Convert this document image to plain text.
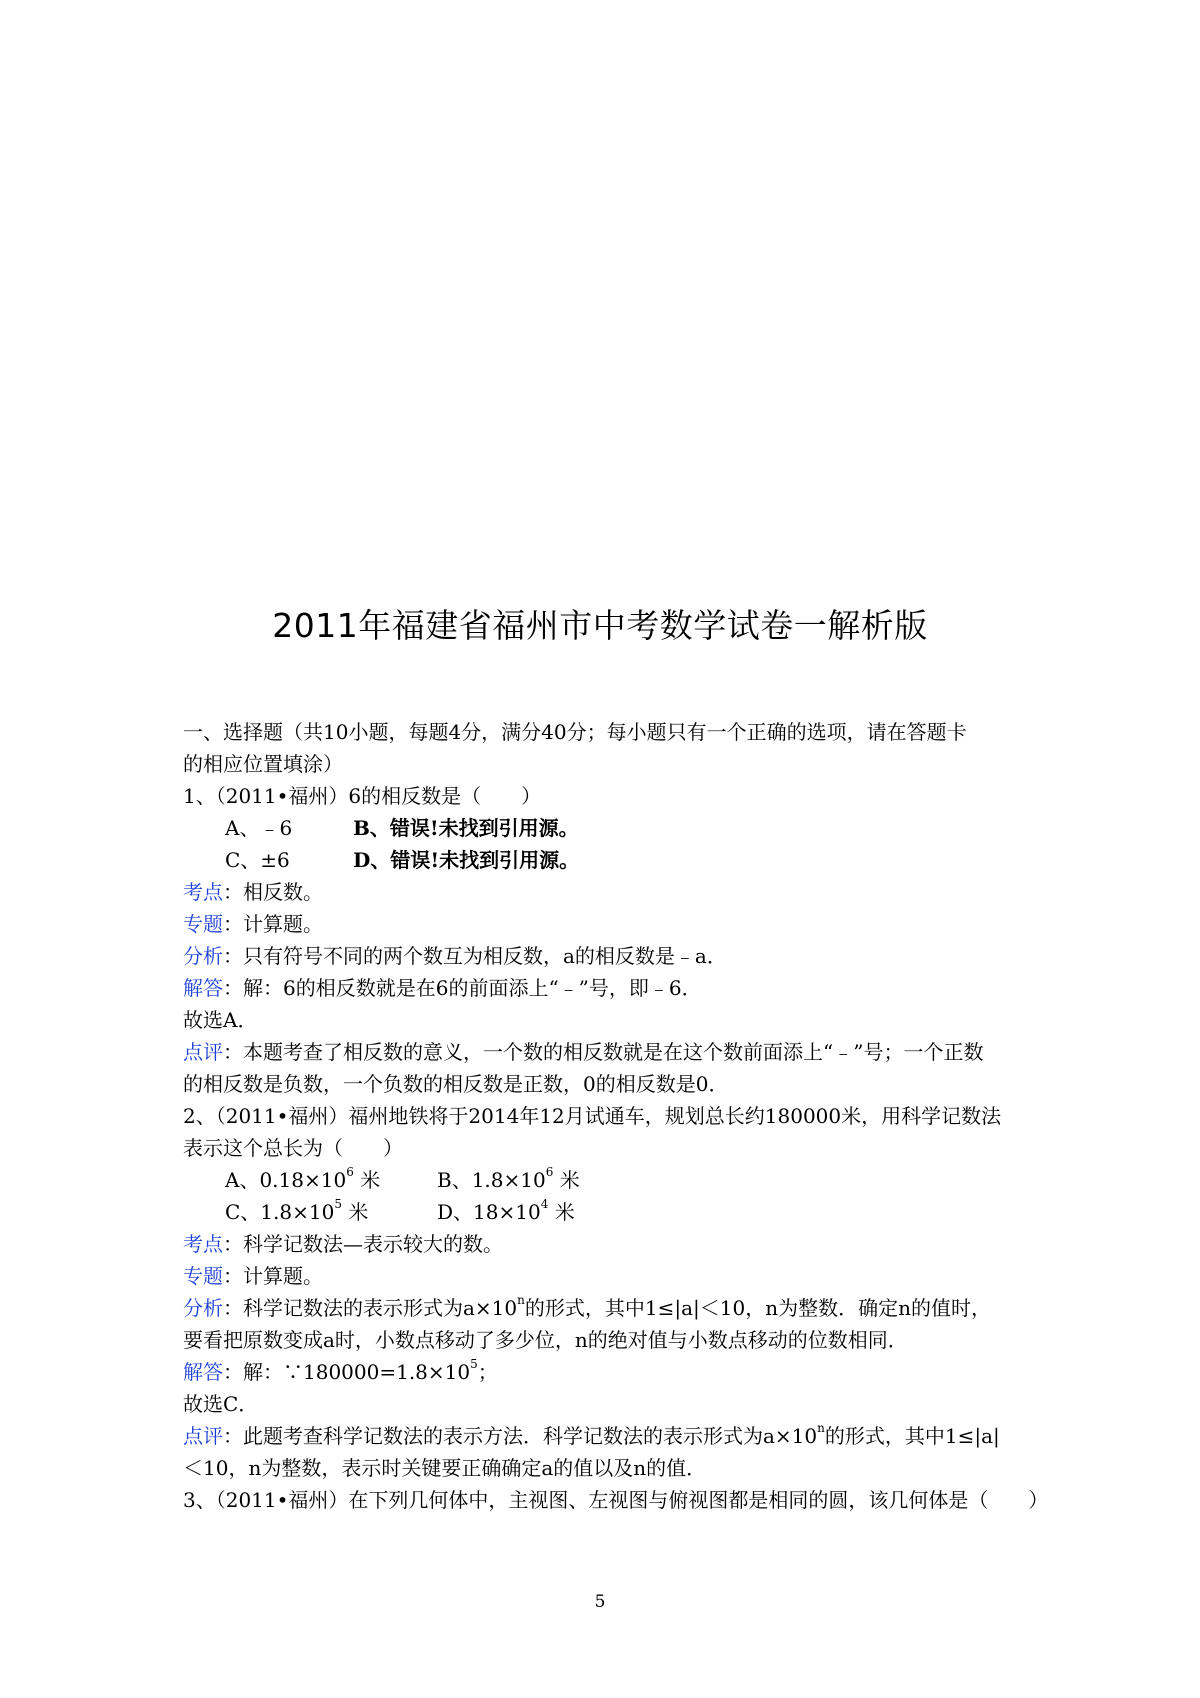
2011年福建省福州市中考数学试卷一解析版
一、选择题（共10小题，每题4分，满分40分；每小题只有一个正确的选项，请在答题卡
的相应位置填涂）
1、（2011•福州）6的相反数是（　　）
A、﹣6	B、错误!未找到引用源。
C、±6	D、错误!未找到引用源。
考点：相反数。
专题：计算题。
分析：只有符号不同的两个数互为相反数，a的相反数是﹣a．
解答：解：6的相反数就是在6的前面添上“﹣”号，即﹣6．
故选A．
点评：本题考查了相反数的意义，一个数的相反数就是在这个数前面添上“﹣”号；一个正数
的相反数是负数，一个负数的相反数是正数，0的相反数是0．
2、（2011•福州）福州地铁将于2014年12月试通车，规划总长约180000米，用科学记数法
表示这个总长为（　　）
A、$0.18\times 10^6$ 米	B、$1.8\times 10^6$ 米
C、$1.8\times 10^5$ 米	D、$18\times 10^4$ 米
考点：科学记数法—表示较大的数。
专题：计算题。
分析：科学记数法的表示形式为$a\times 10^n$的形式，其中1≤|a|＜10，n为整数．确定n的值时，
要看把原数变成a时，小数点移动了多少位，n的绝对值与小数点移动的位数相同．
解答：解：$\because 180000=1.8\times 10^5$；
故选C．
点评：此题考查科学记数法的表示方法．科学记数法的表示形式为$a\times 10^n$的形式，其中1≤|a|
＜10，n为整数，表示时关键要正确确定a的值以及n的值．
3、（2011•福州）在下列几何体中，主视图、左视图与俯视图都是相同的圆，该几何体是（　　）
5
